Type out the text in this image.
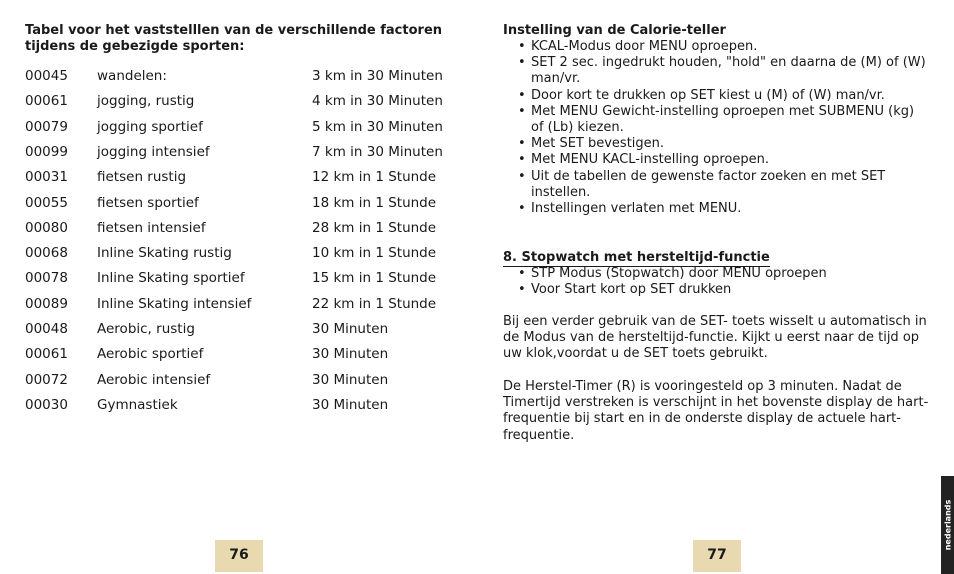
Tabel voor het vaststelllen van de verschillende factoren tijdens de gebezigde sporten:
00045 wandelen:	3 km in 30 Minuten
00061 jogging, rustig	4 km in 30 Minuten
00079 jogging sportief	5 km in 30 Minuten
00099 jogging intensief	7 km in 30 Minuten
00031 fietsen rustig	12 km in 1 Stunde
00055 fietsen sportief	18 km in 1 Stunde
00080 fietsen intensief	28 km in 1 Stunde
00068 Inline Skating rustig	10 km in 1 Stunde
00078 Inline Skating sportief	15 km in 1 Stunde
00089 Inline Skating intensief	22 km in 1 Stunde
00048 Aerobic, rustig	30 Minuten
00061 Aerobic sportief	30 Minuten
00072 Aerobic intensief	30 Minuten
00030 Gymnastiek	30 Minuten
76
Instelling van de Calorie-teller
• KCAL-Modus door MENU oproepen.
• SET 2 sec. ingedrukt houden, "hold" en daarna de (M) of (W) man/vr.
• Door kort te drukken op SET kiest u (M) of (W) man/vr.
• Met MENU Gewicht-instelling oproepen met SUBMENU (kg) of (Lb) kiezen.
• Met SET bevestigen.
• Met MENU KACL-instelling oproepen.
• Uit de tabellen de gewenste factor zoeken en met SET instellen.
• Instellingen verlaten met MENU.
8. Stopwatch met hersteltijd-functie
• STP Modus (Stopwatch) door MENU oproepen
• Voor Start kort op SET drukken
Bij een verder gebruik van de SET- toets wisselt u automatisch in de Modus van de hersteltijd-functie. Kijkt u eerst naar de tijd op uw klok,voordat u de SET toets gebruikt.
De Herstel-Timer (R) is vooringesteld op 3 minuten. Nadat de Timertijd verstreken is verschijnt in het bovenste display de hart-frequentie bij start en in de onderste display de actuele hart-frequentie.
77
nederlands
